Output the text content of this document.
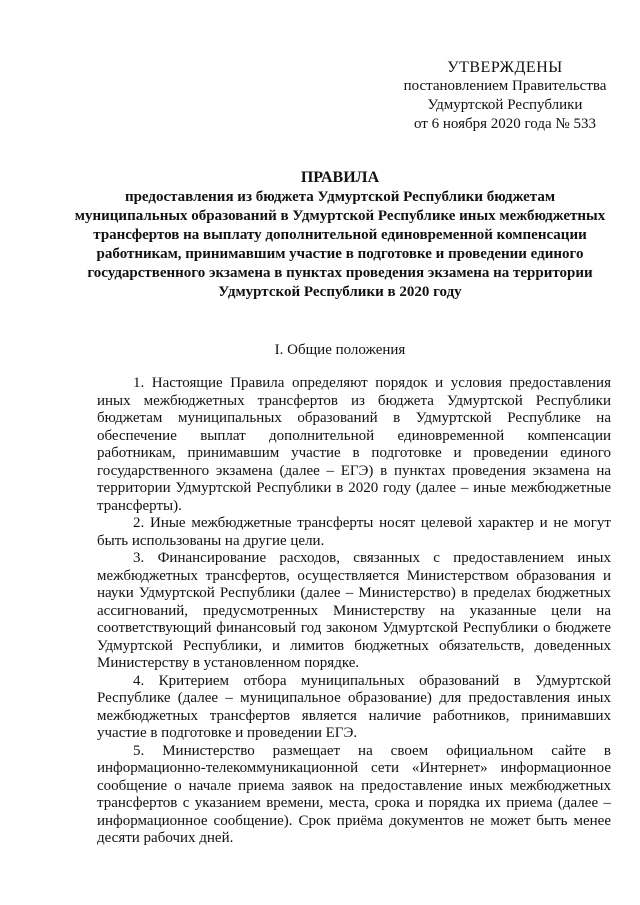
УТВЕРЖДЕНЫ
постановлением Правительства
Удмуртской Республики
от 6 ноября 2020 года № 533
ПРАВИЛА
предоставления из бюджета Удмуртской Республики бюджетам муниципальных образований в Удмуртской Республике иных межбюджетных трансфертов на выплату дополнительной единовременной компенсации работникам, принимавшим участие в подготовке и проведении единого государственного экзамена в пунктах проведения экзамена на территории Удмуртской Республики в 2020 году
I. Общие положения

1. Настоящие Правила определяют порядок и условия предоставления иных межбюджетных трансфертов из бюджета Удмуртской Республики бюджетам муниципальных образований в Удмуртской Республике на обеспечение выплат дополнительной единовременной компенсации работникам, принимавшим участие в подготовке и проведении единого государственного экзамена (далее – ЕГЭ) в пунктах проведения экзамена на территории Удмуртской Республики в 2020 году (далее – иные межбюджетные трансферты).

2. Иные межбюджетные трансферты носят целевой характер и не могут быть использованы на другие цели.

3. Финансирование расходов, связанных с предоставлением иных межбюджетных трансфертов, осуществляется Министерством образования и науки Удмуртской Республики (далее – Министерство) в пределах бюджетных ассигнований, предусмотренных Министерству на указанные цели на соответствующий финансовый год законом Удмуртской Республики о бюджете Удмуртской Республики, и лимитов бюджетных обязательств, доведенных Министерству в установленном порядке.

4. Критерием отбора муниципальных образований в Удмуртской Республике (далее – муниципальное образование) для предоставления иных межбюджетных трансфертов является наличие работников, принимавших участие в подготовке и проведении ЕГЭ.

5. Министерство размещает на своем официальном сайте в информационно-телекоммуникационной сети «Интернет» информационное сообщение о начале приема заявок на предоставление иных межбюджетных трансфертов с указанием времени, места, срока и порядка их приема (далее – информационное сообщение). Срок приёма документов не может быть менее десяти рабочих дней.
